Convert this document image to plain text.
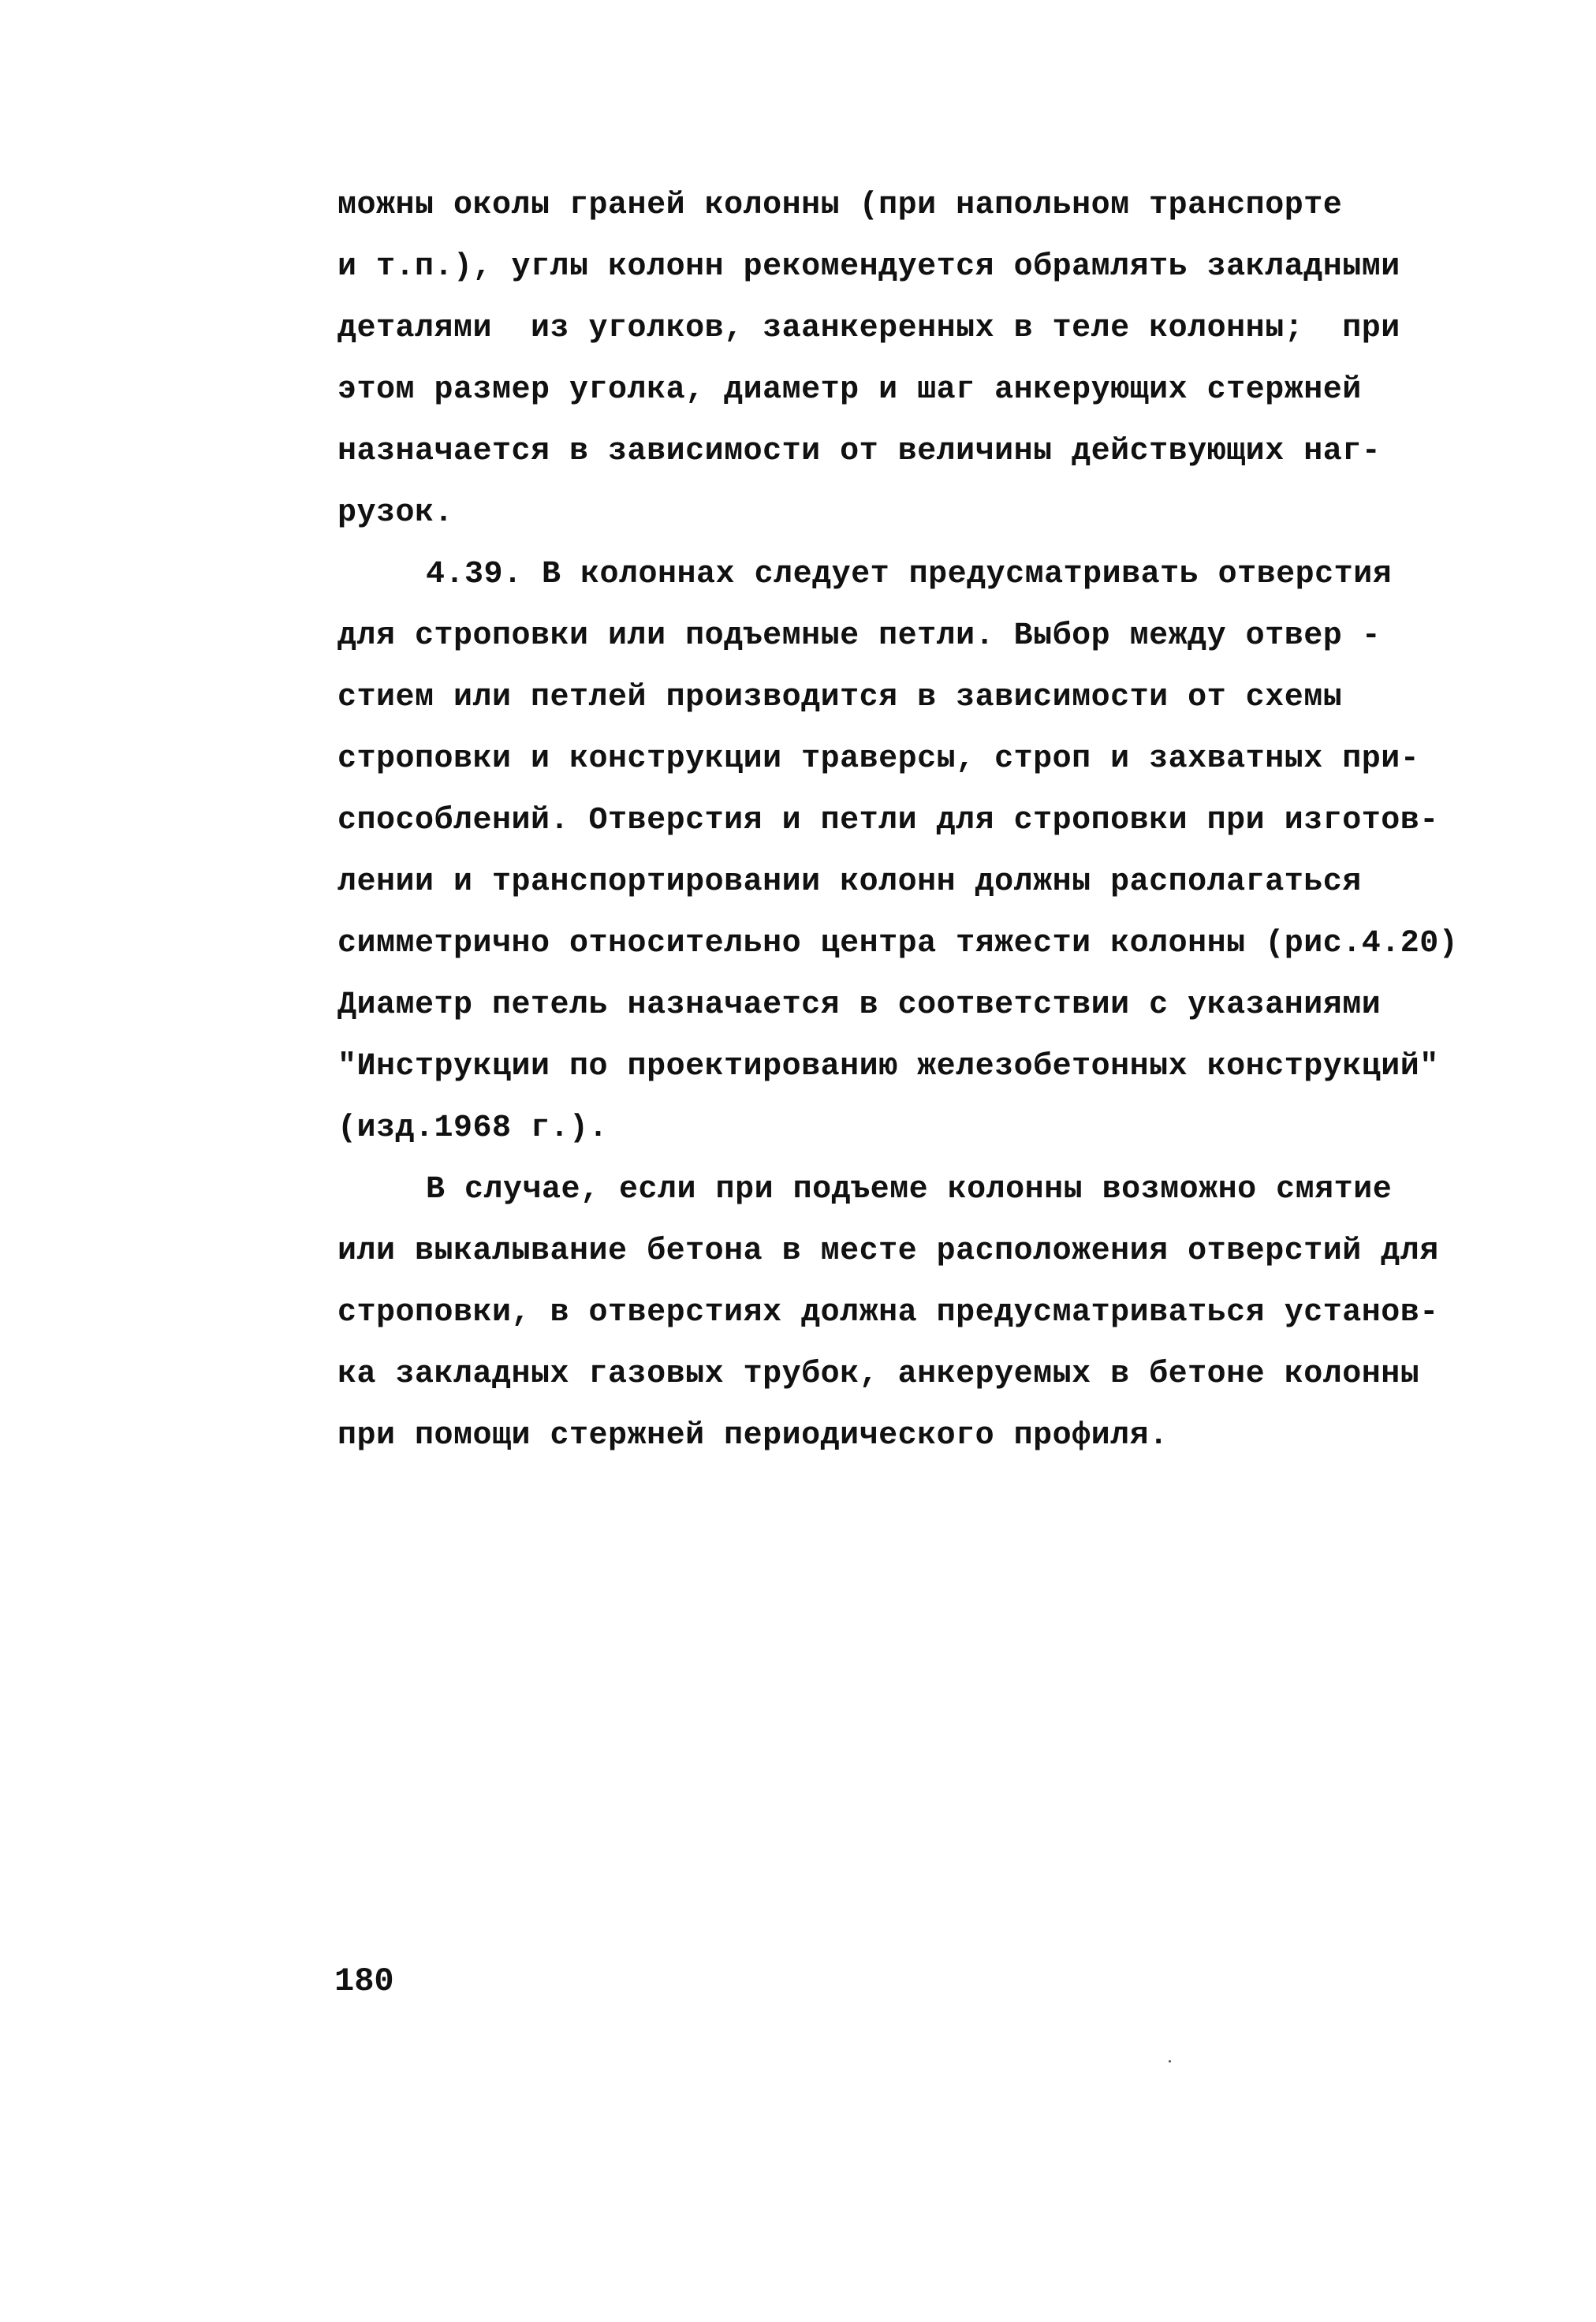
можны околы граней колонны (при напольном транспорте
и т.п.), углы колонн рекомендуется обрамлять закладными
деталями  из уголков, заанкеренных в теле колонны;  при
этом размер уголка, диаметр и шаг анкерующих стержней
назначается в зависимости от величины действующих наг-
рузок.
4.39. В колоннах следует предусматривать отверстия
для строповки или подъемные петли. Выбор между отвер -
стием или петлей производится в зависимости от схемы
строповки и конструкции траверсы, строп и захватных при-
способлений. Отверстия и петли для строповки при изготов-
лении и транспортировании колонн должны располагаться
симметрично относительно центра тяжести колонны (рис.4.20)
Диаметр петель назначается в соответствии с указаниями
"Инструкции по проектированию железобетонных конструкций"
(изд.1968 г.).
В случае, если при подъеме колонны возможно смятие
или выкалывание бетона в месте расположения отверстий для
строповки, в отверстиях должна предусматриваться установ-
ка закладных газовых трубок, анкеруемых в бетоне колонны
при помощи стержней периодического профиля.
180
